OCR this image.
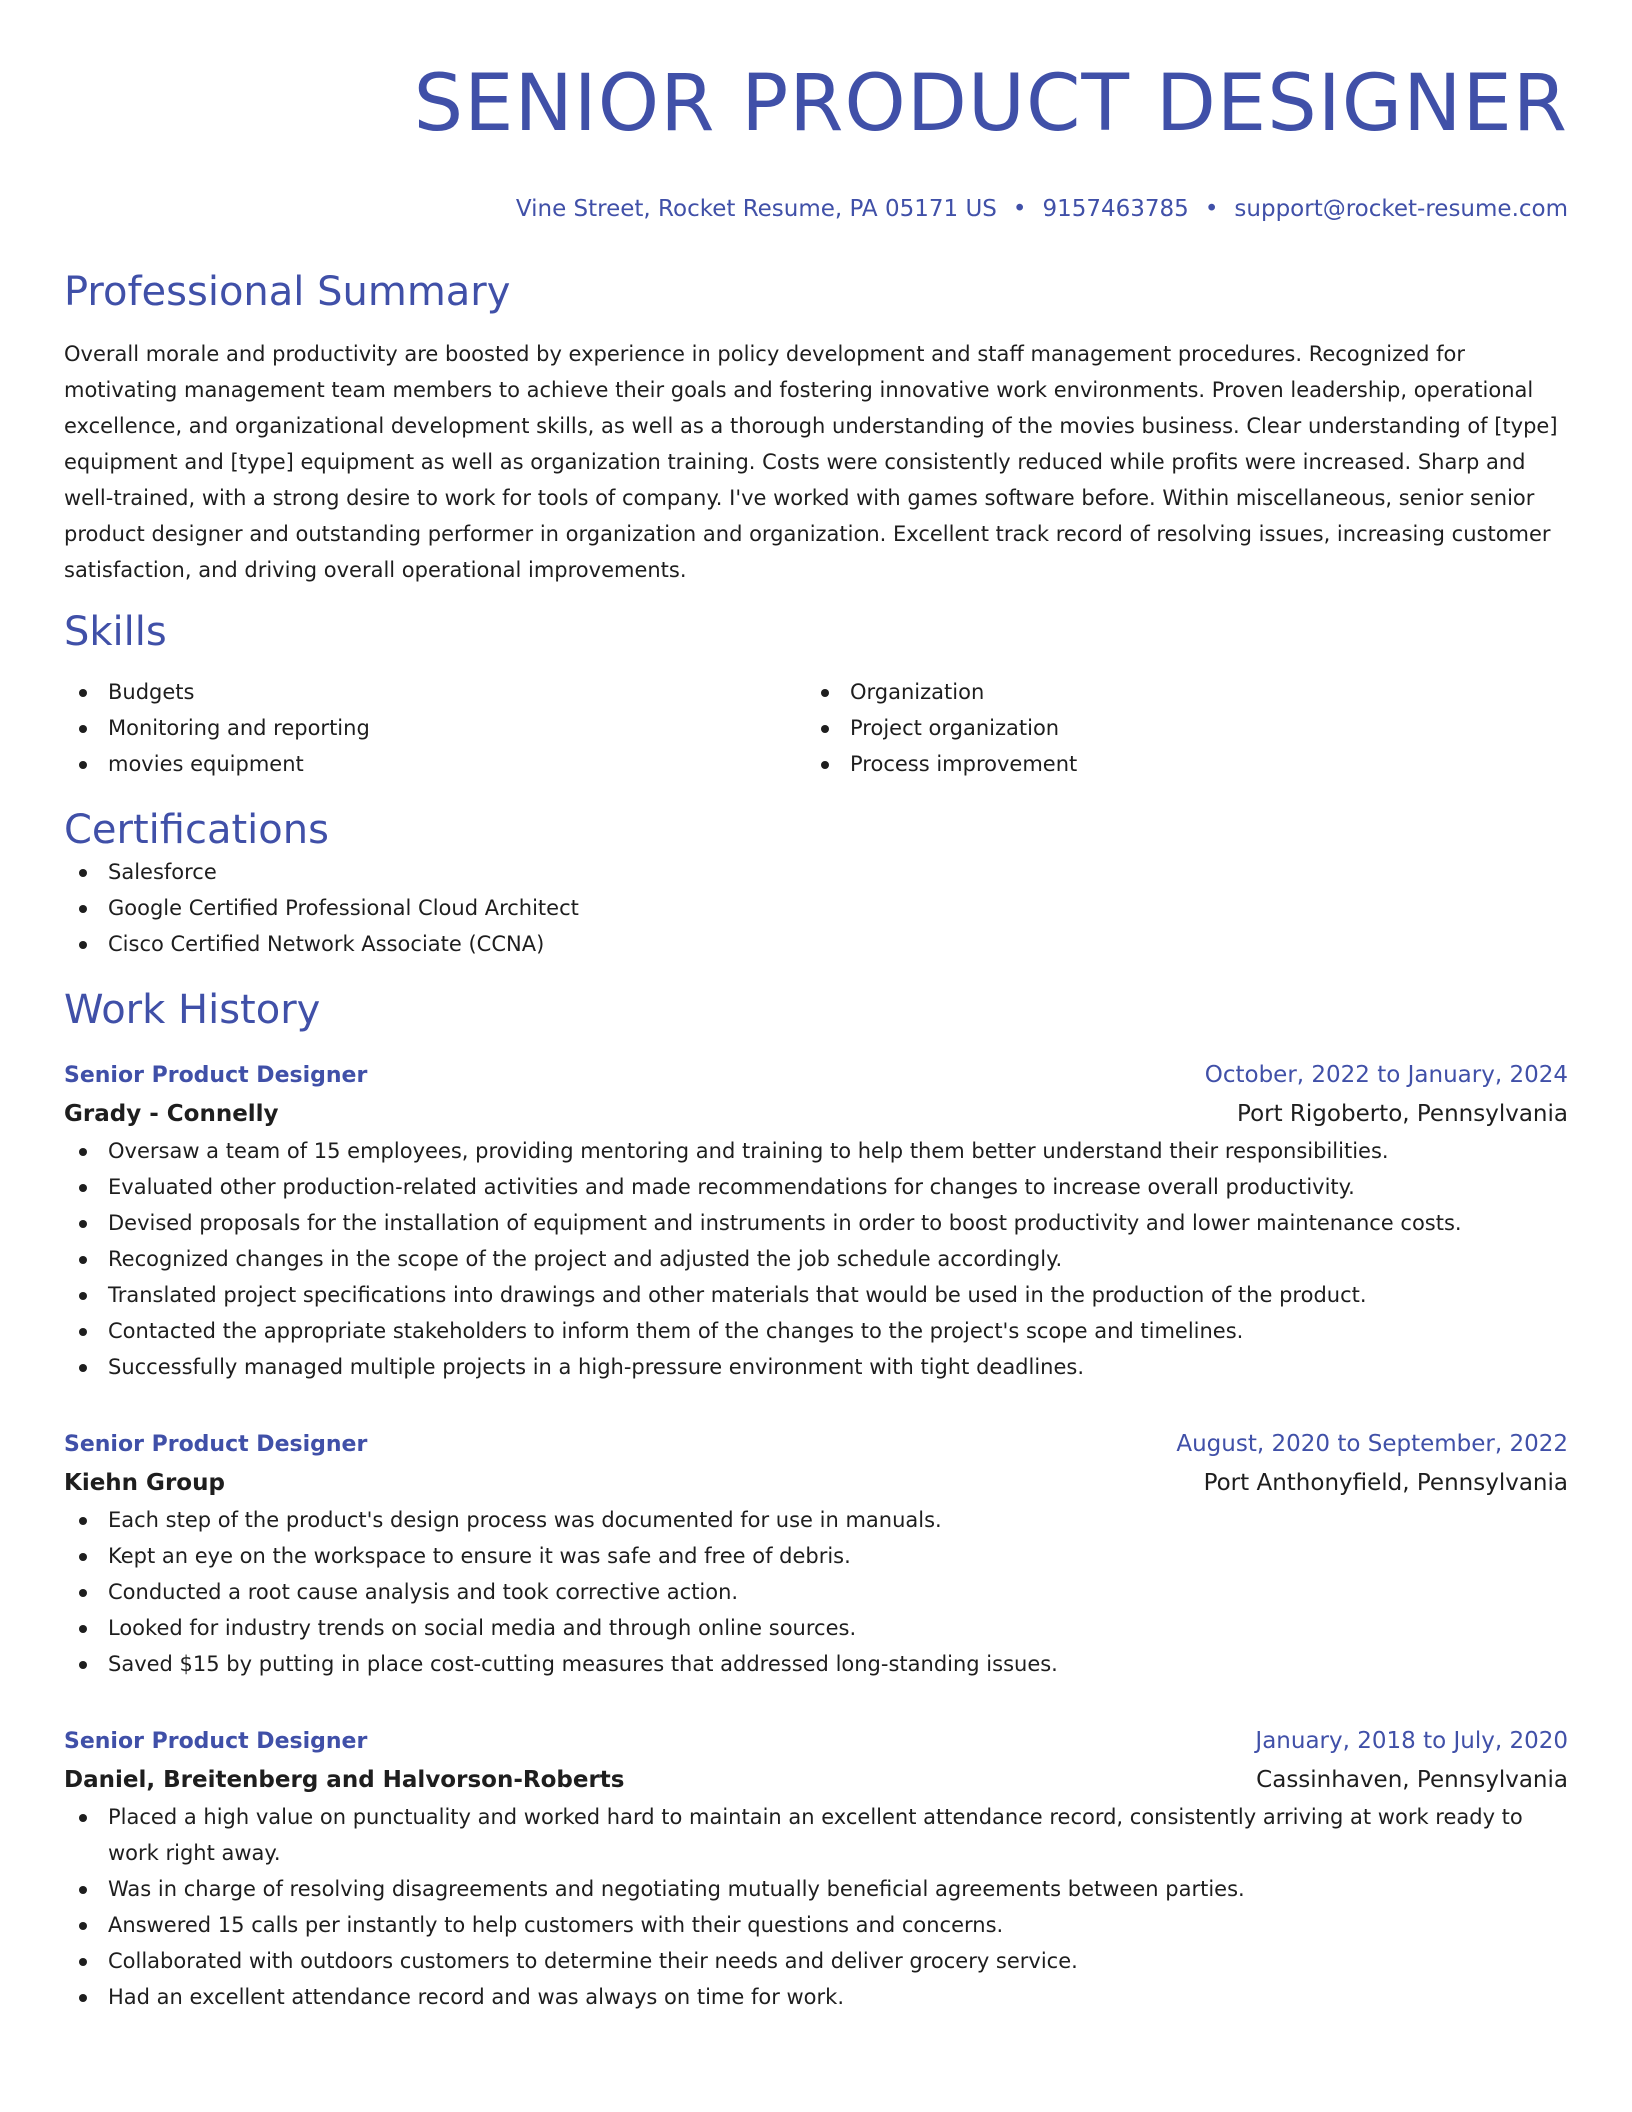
SENIOR PRODUCT DESIGNER
Vine Street, Rocket Resume, PA 05171 US • 9157463785 • support@rocket-resume.com
Professional Summary

Overall morale and productivity are boosted by experience in policy development and staff management procedures. Recognized for motivating management team members to achieve their goals and fostering innovative work environments. Proven leadership, operational excellence, and organizational development skills, as well as a thorough understanding of the movies business. Clear understanding of [type] equipment and [type] equipment as well as organization training. Costs were consistently reduced while profits were increased. Sharp and well-trained, with a strong desire to work for tools of company. I've worked with games software before. Within miscellaneous, senior senior product designer and outstanding performer in organization and organization. Excellent track record of resolving issues, increasing customer satisfaction, and driving overall operational improvements.

Skills
Budgets
Monitoring and reporting
movies equipment
Organization
Project organization
Process improvement
Certifications
Salesforce
Google Certified Professional Cloud Architect
Cisco Certified Network Associate (CCNA)
Work History
Senior Product Designer	October, 2022 to January, 2024
Grady - Connelly	Port Rigoberto, Pennsylvania
Oversaw a team of 15 employees, providing mentoring and training to help them better understand their responsibilities.
Evaluated other production-related activities and made recommendations for changes to increase overall productivity.
Devised proposals for the installation of equipment and instruments in order to boost productivity and lower maintenance costs.
Recognized changes in the scope of the project and adjusted the job schedule accordingly.
Translated project specifications into drawings and other materials that would be used in the production of the product.
Contacted the appropriate stakeholders to inform them of the changes to the project's scope and timelines.
Successfully managed multiple projects in a high-pressure environment with tight deadlines.
Senior Product Designer	August, 2020 to September, 2022
Kiehn Group	Port Anthonyfield, Pennsylvania
Each step of the product's design process was documented for use in manuals.
Kept an eye on the workspace to ensure it was safe and free of debris.
Conducted a root cause analysis and took corrective action.
Looked for industry trends on social media and through online sources.
Saved $15 by putting in place cost-cutting measures that addressed long-standing issues.
Senior Product Designer	January, 2018 to July, 2020
Daniel, Breitenberg and Halvorson-Roberts	Cassinhaven, Pennsylvania
Placed a high value on punctuality and worked hard to maintain an excellent attendance record, consistently arriving at work ready to work right away.
Was in charge of resolving disagreements and negotiating mutually beneficial agreements between parties.
Answered 15 calls per instantly to help customers with their questions and concerns.
Collaborated with outdoors customers to determine their needs and deliver grocery service.
Had an excellent attendance record and was always on time for work.
